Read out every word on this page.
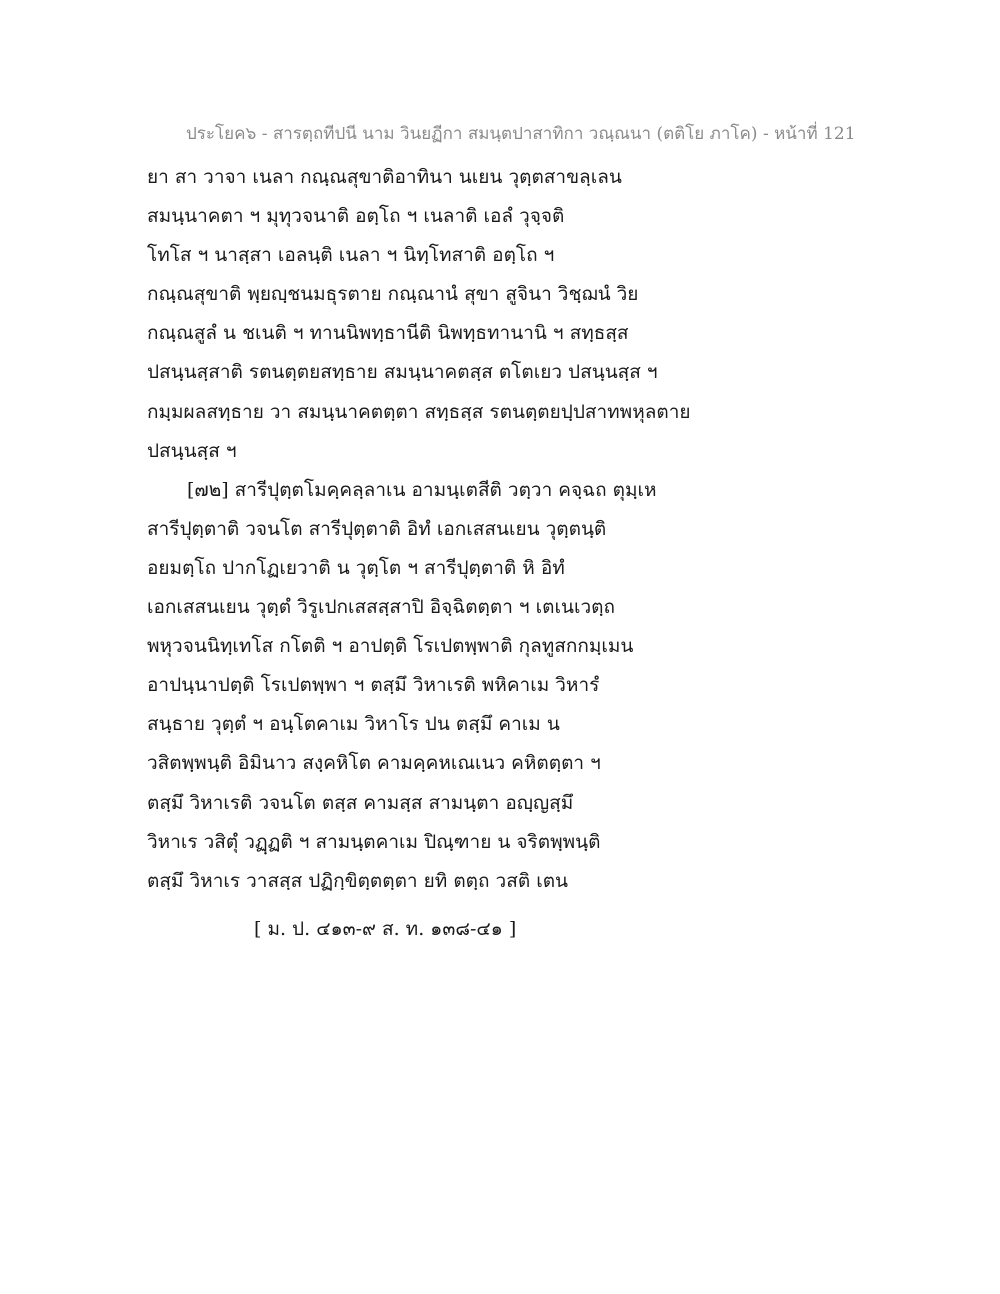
ประโยค๖ - สารตฺถทีปนี นาม วินยฏีกา สมนฺตปาสาทิกา วณฺณนา (ตติโย ภาโค) - หน้าที่ 121
ยา สา วาจา เนลา กณฺณสุขาติอาทินา นเยน วุตฺตสาขลฺเลน
สมนฺนาคตา ฯ มุทุวจนาติ อตฺโถ ฯ เนลาติ เอลํ วุจฺจติ
โทโส ฯ นาสฺสา เอลนฺติ เนลา ฯ นิทฺโทสาติ อตฺโถ ฯ
กณฺณสุขาติ พฺยญฺชนมธุรตาย กณฺณานํ สุขา สูจินา วิชฺฌนํ วิย
กณฺณสูลํ น ชเนติ ฯ ทานนิพทฺธานีติ นิพทฺธทานานิ ฯ สทฺธสฺส
ปสนฺนสฺสาติ รตนตฺตยสทฺธาย สมนฺนาคตสฺส ตโตเยว ปสนฺนสฺส ฯ
กมฺมผลสทฺธาย วา สมนฺนาคตตฺตา สทฺธสฺส รตนตฺตยปฺปสาทพหุลตาย
ปสนฺนสฺส ฯ
[๗๒] สารีปุตฺตโมคฺคลฺลาเน อามนฺเตสีติ วตฺวา คจฺฉถ ตุมฺเห
สารีปุตฺตาติ วจนโต สารีปุตฺตาติ อิทํ เอกเสสนเยน วุตฺตนฺติ
อยมตฺโถ ปากโฏเยวาติ น วุตฺโต ฯ สารีปุตฺตาติ หิ อิทํ
เอกเสสนเยน วุตฺตํ วิรูเปกเสสสฺสาปิ อิจฺฉิตตฺตา ฯ เตเนเวตฺถ
พหุวจนนิทฺเทโส กโตติ ฯ อาปตฺติ โรเปตพฺพาติ กุลทูสกกมฺเมน
อาปนฺนาปตฺติ โรเปตพฺพา ฯ ตสฺมึ วิหาเรติ พหิคาเม วิหารํ
สนฺธาย วุตฺตํ ฯ อนฺโตคาเม วิหาโร ปน ตสฺมึ คาเม น
วสิตพฺพนฺติ อิมินาว สงฺคหิโต คามคฺคหเณเนว คหิตตฺตา ฯ
ตสฺมึ วิหาเรติ วจนโต ตสฺส คามสฺส สามนฺตา อญฺญสฺมึ
วิหาเร วสิตุํ วฏฺฏติ ฯ สามนฺตคาเม ปิณฺฑาย น จริตพฺพนฺติ
ตสฺมึ วิหาเร วาสสฺส ปฏิกฺขิตฺตตฺตา ยทิ ตตฺถ วสติ เตน
[ ม. ป. ๔๑๓-๙ ส. ท. ๑๓๘-๔๑ ]
